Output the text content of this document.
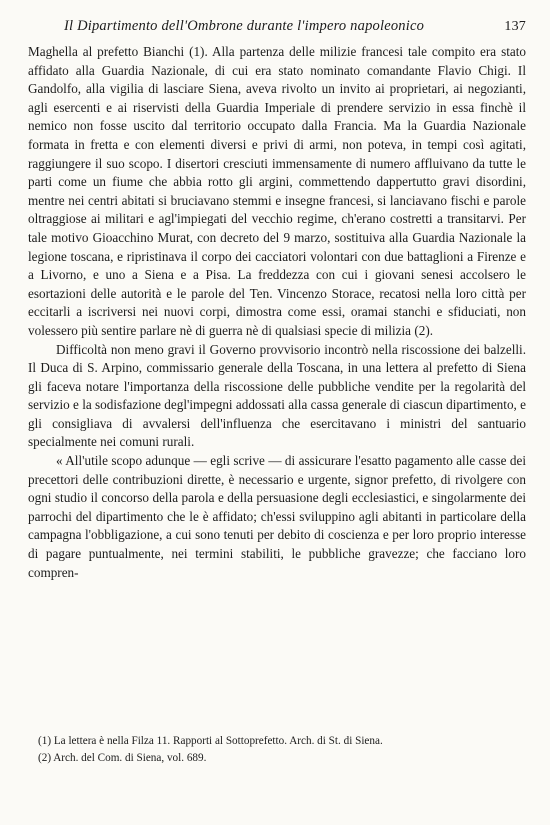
Il Dipartimento dell'Ombrone durante l'impero napoleonico	137

Maghella al prefetto Bianchi (1). Alla partenza delle milizie francesi tale compito era stato affidato alla Guardia Nazionale, di cui era stato nominato comandante Flavio Chigi. Il Gandolfo, alla vigilia di lasciare Siena, aveva rivolto un invito ai proprietari, ai negozianti, agli esercenti e ai riservisti della Guardia Imperiale di prendere servizio in essa finchè il nemico non fosse uscito dal territorio occupato dalla Francia. Ma la Guardia Nazionale formata in fretta e con elementi diversi e privi di armi, non poteva, in tempi così agitati, raggiungere il suo scopo. I disertori cresciuti immensamente di numero affluivano da tutte le parti come un fiume che abbia rotto gli argini, commettendo dappertutto gravi disordini, mentre nei centri abitati si bruciavano stemmi e insegne francesi, si lanciavano fischi e parole oltraggiose ai militari e agl'impiegati del vecchio regime, ch'erano costretti a transitarvi. Per tale motivo Gioacchino Murat, con decreto del 9 marzo, sostituiva alla Guardia Nazionale la legione toscana, e ripristinava il corpo dei cacciatori volontari con due battaglioni a Firenze e a Livorno, e uno a Siena e a Pisa. La freddezza con cui i giovani senesi accolsero le esortazioni delle autorità e le parole del Ten. Vincenzo Storace, recatosi nella loro città per eccitarli a iscriversi nei nuovi corpi, dimostra come essi, oramai stanchi e sfiduciati, non volessero più sentire parlare nè di guerra nè di qualsiasi specie di milizia (2).

Difficoltà non meno gravi il Governo provvisorio incontrò nella riscossione dei balzelli. Il Duca di S. Arpino, commissario generale della Toscana, in una lettera al prefetto di Siena gli faceva notare l'importanza della riscossione delle pubbliche vendite per la regolarità del servizio e la sodisfazione degl'impegni addossati alla cassa generale di ciascun dipartimento, e gli consigliava di avvalersi dell'influenza che esercitavano i ministri del santuario specialmente nei comuni rurali.

« All'utile scopo adunque — egli scrive — di assicurare l'esatto pagamento alle casse dei precettori delle contribuzioni dirette, è necessario e urgente, signor prefetto, di rivolgere con ogni studio il concorso della parola e della persuasione degli ecclesiastici, e singolarmente dei parrochi del dipartimento che le è affidato; ch'essi sviluppino agli abitanti in particolare della campagna l'obbligazione, a cui sono tenuti per debito di coscienza e per loro proprio interesse di pagare puntualmente, nei termini stabiliti, le pubbliche gravezze; che facciano loro compren-

(1) La lettera è nella Filza 11. Rapporti al Sottoprefetto. Arch. di St. di Siena.

(2) Arch. del Com. di Siena, vol. 689.
